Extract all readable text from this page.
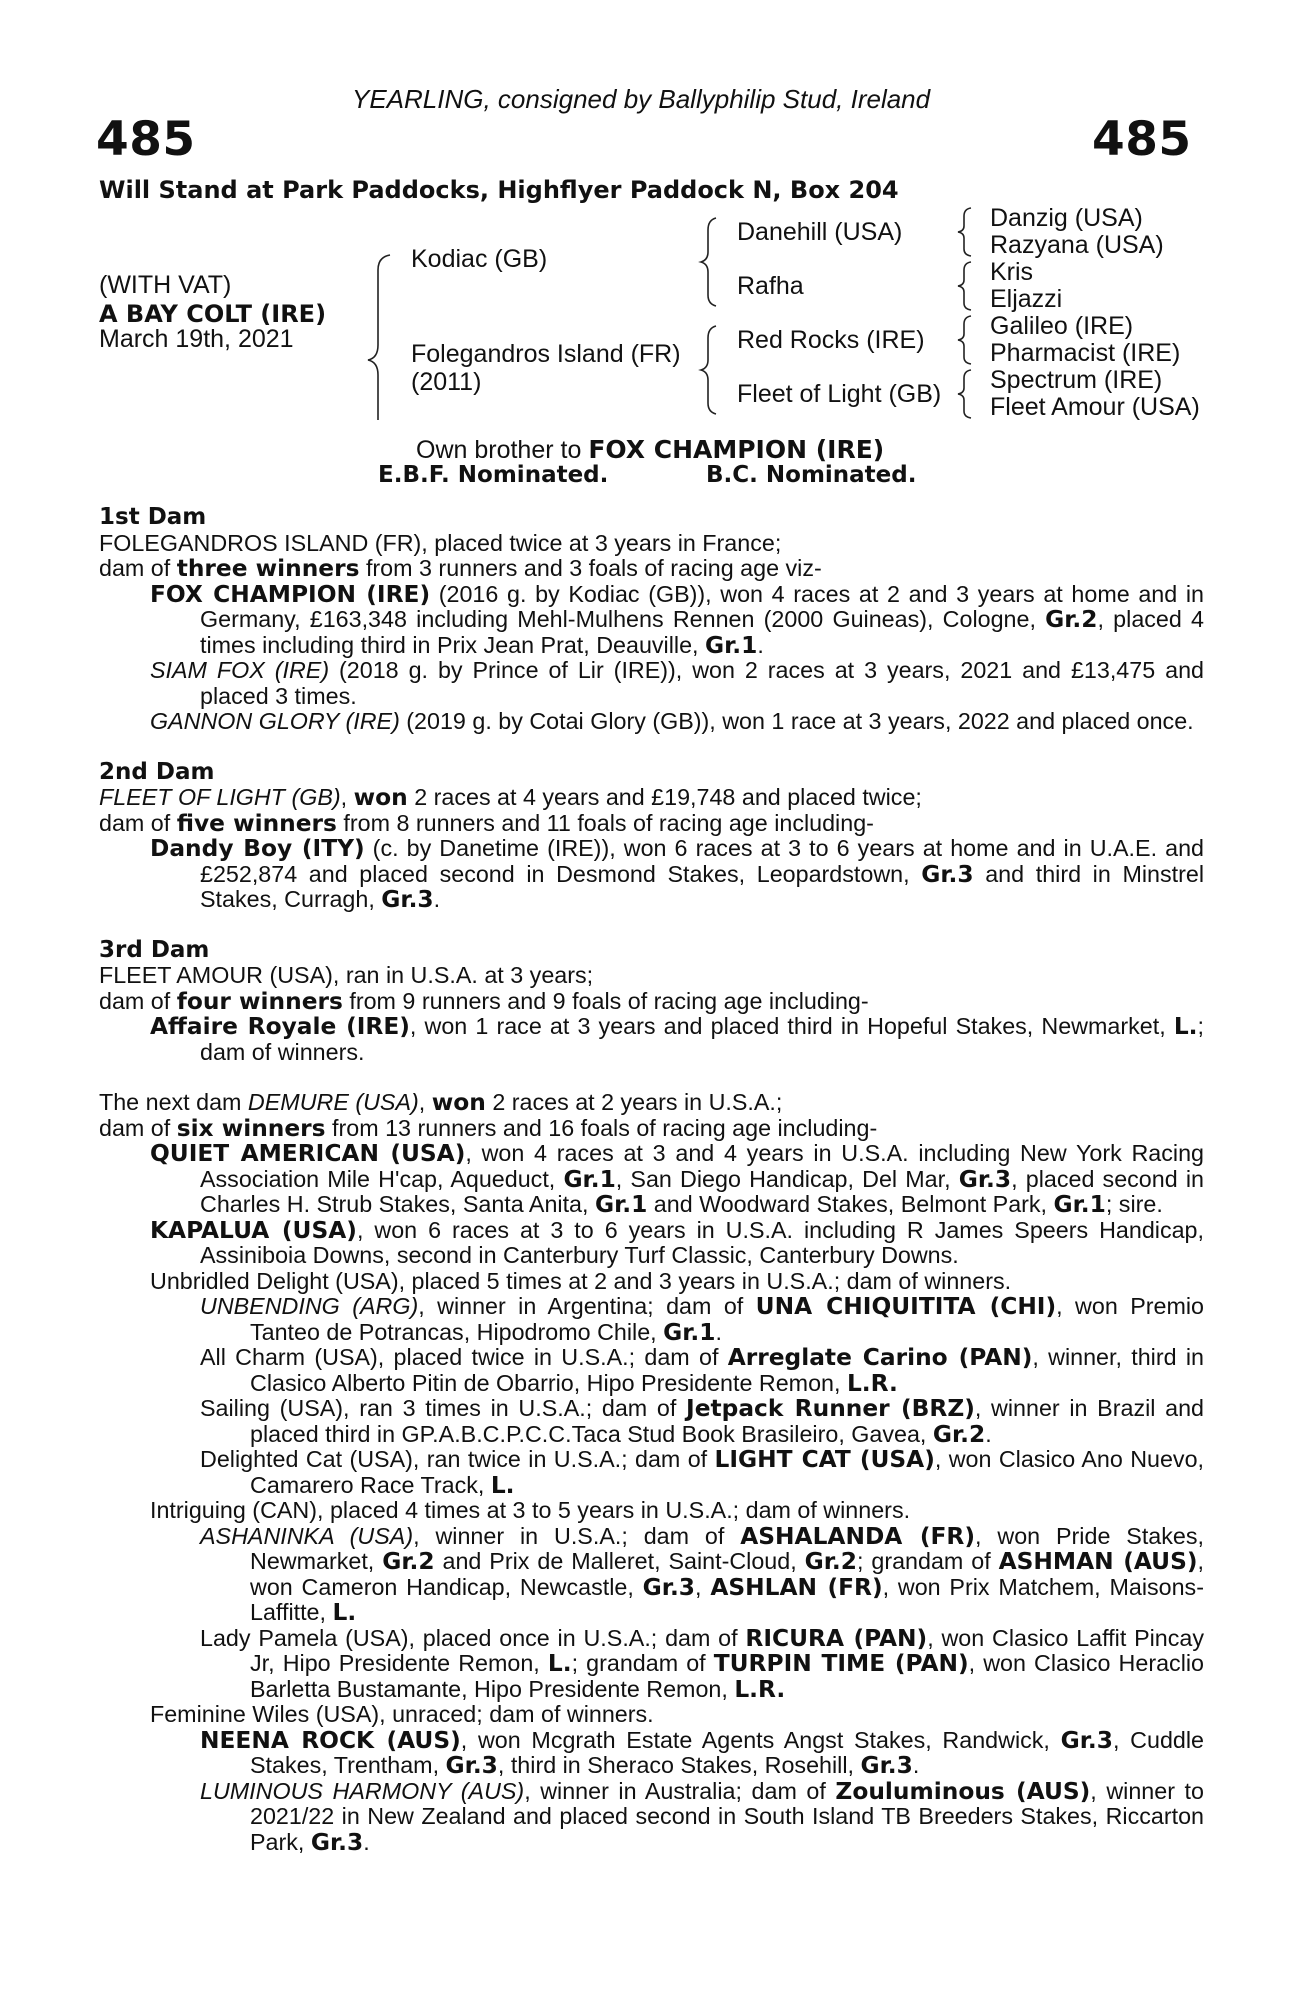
YEARLING, consigned by Ballyphilip Stud, Ireland
485	485
Will Stand at Park Paddocks, Highflyer Paddock N, Box 204
(WITH VAT)
A BAY COLT (IRE)
March 19th, 2021
Kodiac (GB)
Folegandros Island (FR)
(2011)
Danehill (USA)
Rafha
Red Rocks (IRE)
Fleet of Light (GB)
Danzig (USA)
Razyana (USA)
Kris
Eljazzi
Galileo (IRE)
Pharmacist (IRE)
Spectrum (IRE)
Fleet Amour (USA)
Own brother to FOX CHAMPION (IRE)
E.B.F. Nominated.	B.C. Nominated.
1st Dam

FOLEGANDROS ISLAND (FR), placed twice at 3 years in France;

dam of three winners from 3 runners and 3 foals of racing age viz-

FOX CHAMPION (IRE) (2016 g. by Kodiac (GB)), won 4 races at 2 and 3 years at home and in Germany, £163,348 including Mehl-Mulhens Rennen (2000 Guineas), Cologne, Gr.2, placed 4 times including third in Prix Jean Prat, Deauville, Gr.1.

SIAM FOX (IRE) (2018 g. by Prince of Lir (IRE)), won 2 races at 3 years, 2021 and £13,475 and placed 3 times.

GANNON GLORY (IRE) (2019 g. by Cotai Glory (GB)), won 1 race at 3 years, 2022 and placed once.

2nd Dam

FLEET OF LIGHT (GB), won 2 races at 4 years and £19,748 and placed twice;

dam of five winners from 8 runners and 11 foals of racing age including-

Dandy Boy (ITY) (c. by Danetime (IRE)), won 6 races at 3 to 6 years at home and in U.A.E. and £252,874 and placed second in Desmond Stakes, Leopardstown, Gr.3 and third in Minstrel Stakes, Curragh, Gr.3.

3rd Dam

FLEET AMOUR (USA), ran in U.S.A. at 3 years;

dam of four winners from 9 runners and 9 foals of racing age including-

Affaire Royale (IRE), won 1 race at 3 years and placed third in Hopeful Stakes, Newmarket, L.; dam of winners.

The next dam DEMURE (USA), won 2 races at 2 years in U.S.A.;

dam of six winners from 13 runners and 16 foals of racing age including-

QUIET AMERICAN (USA), won 4 races at 3 and 4 years in U.S.A. including New York Racing Association Mile H'cap, Aqueduct, Gr.1, San Diego Handicap, Del Mar, Gr.3, placed second in Charles H. Strub Stakes, Santa Anita, Gr.1 and Woodward Stakes, Belmont Park, Gr.1; sire.

KAPALUA (USA), won 6 races at 3 to 6 years in U.S.A. including R James Speers Handicap, Assiniboia Downs, second in Canterbury Turf Classic, Canterbury Downs.

Unbridled Delight (USA), placed 5 times at 2 and 3 years in U.S.A.; dam of winners.

UNBENDING (ARG), winner in Argentina; dam of UNA CHIQUITITA (CHI), won Premio Tanteo de Potrancas, Hipodromo Chile, Gr.1.

All Charm (USA), placed twice in U.S.A.; dam of Arreglate Carino (PAN), winner, third in Clasico Alberto Pitin de Obarrio, Hipo Presidente Remon, L.R.

Sailing (USA), ran 3 times in U.S.A.; dam of Jetpack Runner (BRZ), winner in Brazil and placed third in GP.A.B.C.P.C.C.Taca Stud Book Brasileiro, Gavea, Gr.2.

Delighted Cat (USA), ran twice in U.S.A.; dam of LIGHT CAT (USA), won Clasico Ano Nuevo, Camarero Race Track, L.

Intriguing (CAN), placed 4 times at 3 to 5 years in U.S.A.; dam of winners.

ASHANINKA (USA), winner in U.S.A.; dam of ASHALANDA (FR), won Pride Stakes, Newmarket, Gr.2 and Prix de Malleret, Saint-Cloud, Gr.2; grandam of ASHMAN (AUS), won Cameron Handicap, Newcastle, Gr.3, ASHLAN (FR), won Prix Matchem, Maisons-Laffitte, L.

Lady Pamela (USA), placed once in U.S.A.; dam of RICURA (PAN), won Clasico Laffit Pincay Jr, Hipo Presidente Remon, L.; grandam of TURPIN TIME (PAN), won Clasico Heraclio Barletta Bustamante, Hipo Presidente Remon, L.R.

Feminine Wiles (USA), unraced; dam of winners.

NEENA ROCK (AUS), won Mcgrath Estate Agents Angst Stakes, Randwick, Gr.3, Cuddle Stakes, Trentham, Gr.3, third in Sheraco Stakes, Rosehill, Gr.3.

LUMINOUS HARMONY (AUS), winner in Australia; dam of Zouluminous (AUS), winner to 2021/22 in New Zealand and placed second in South Island TB Breeders Stakes, Riccarton Park, Gr.3.
